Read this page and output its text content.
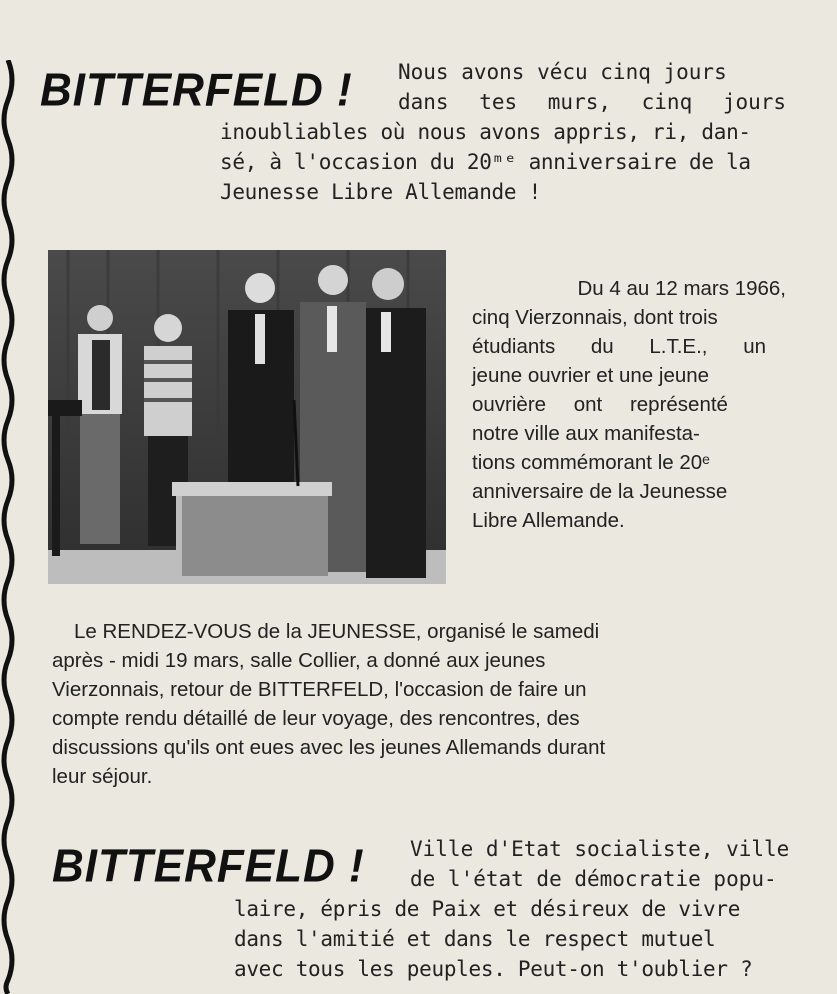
BITTERFELD ! Nous avons vécu cinq jours
dans tes murs, cinq jours
inoubliables où nous avons appris, ri, dan-
sé, à l'occasion du 20ᵐᵉ anniversaire de la
Jeunesse Libre Allemande !
Du 4 au 12 mars 1966,
cinq Vierzonnais, dont trois
étudiants du L.T.E., un
jeune ouvrier et une jeune
ouvrière ont représenté
notre ville aux manifesta-
tions commémorant le 20ᵉ
anniversaire de la Jeunesse
Libre Allemande.
Le RENDEZ-VOUS de la JEUNESSE, organisé le samedi
après - midi 19 mars, salle Collier, a donné aux jeunes
Vierzonnais, retour de BITTERFELD, l'occasion de faire un
compte rendu détaillé de leur voyage, des rencontres, des
discussions qu'ils ont eues avec les jeunes Allemands durant
leur séjour.
BITTERFELD ! Ville d'Etat socialiste, ville
de l'état de démocratie popu-
laire, épris de Paix et désireux de vivre
dans l'amitié et dans le respect mutuel
avec tous les peuples. Peut-on t'oublier ?
